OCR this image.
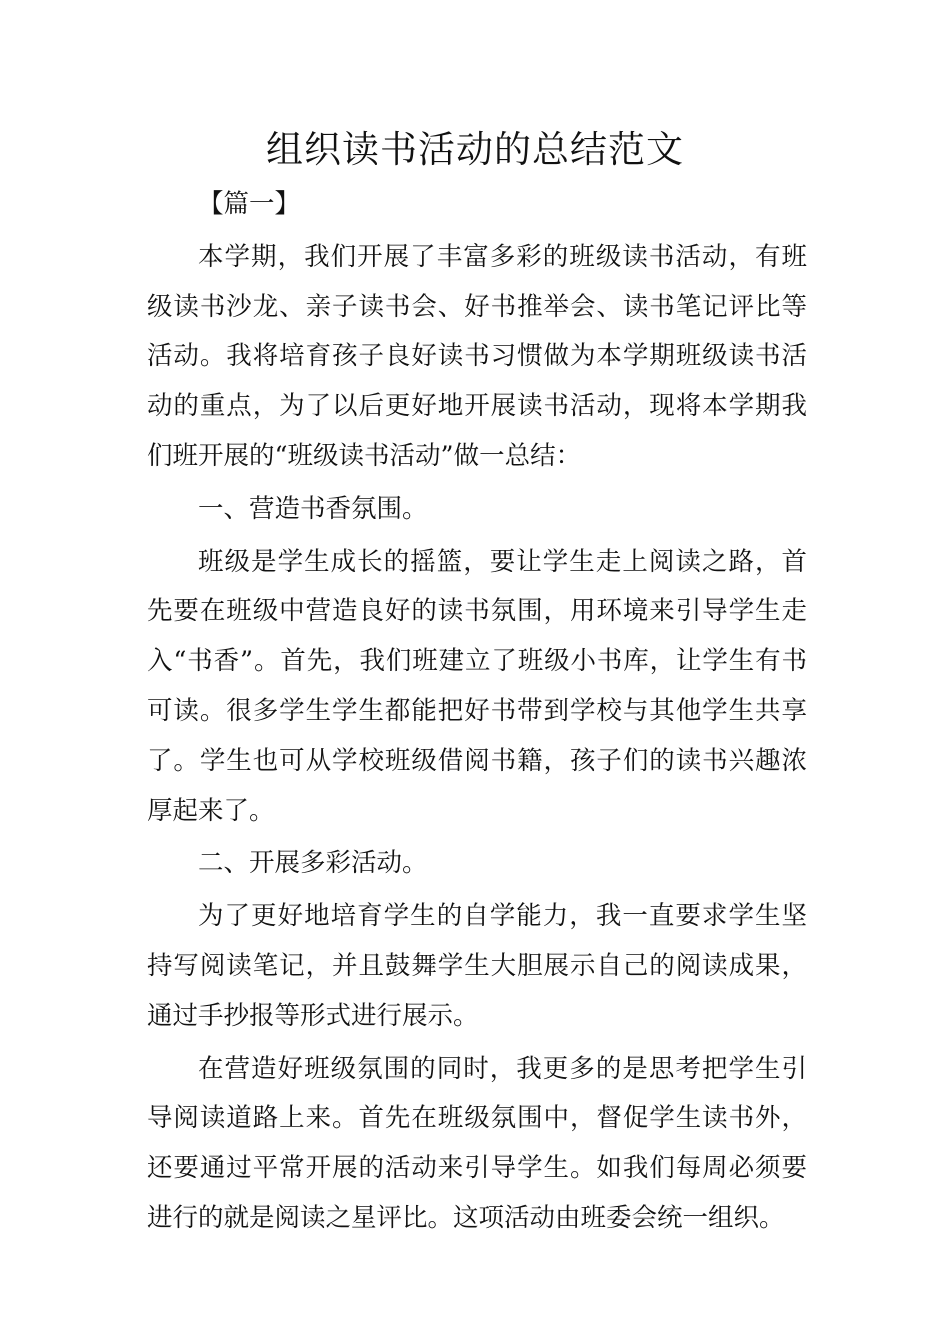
组织读书活动的总结范文

【篇一】

本学期，我们开展了丰富多彩的班级读书活动，有班级读书沙龙、亲子读书会、好书推举会、读书笔记评比等活动。我将培育孩子良好读书习惯做为本学期班级读书活动的重点，为了以后更好地开展读书活动，现将本学期我们班开展的“班级读书活动”做一总结：

一、营造书香氛围。

班级是学生成长的摇篮，要让学生走上阅读之路，首先要在班级中营造良好的读书氛围，用环境来引导学生走入“书香”。首先，我们班建立了班级小书库，让学生有书可读。很多学生学生都能把好书带到学校与其他学生共享了。学生也可从学校班级借阅书籍，孩子们的读书兴趣浓厚起来了。

二、开展多彩活动。

为了更好地培育学生的自学能力，我一直要求学生坚持写阅读笔记，并且鼓舞学生大胆展示自己的阅读成果，通过手抄报等形式进行展示。

在营造好班级氛围的同时，我更多的是思考把学生引导阅读道路上来。首先在班级氛围中，督促学生读书外，还要通过平常开展的活动来引导学生。如我们每周必须要进行的就是阅读之星评比。这项活动由班委会统一组织。
